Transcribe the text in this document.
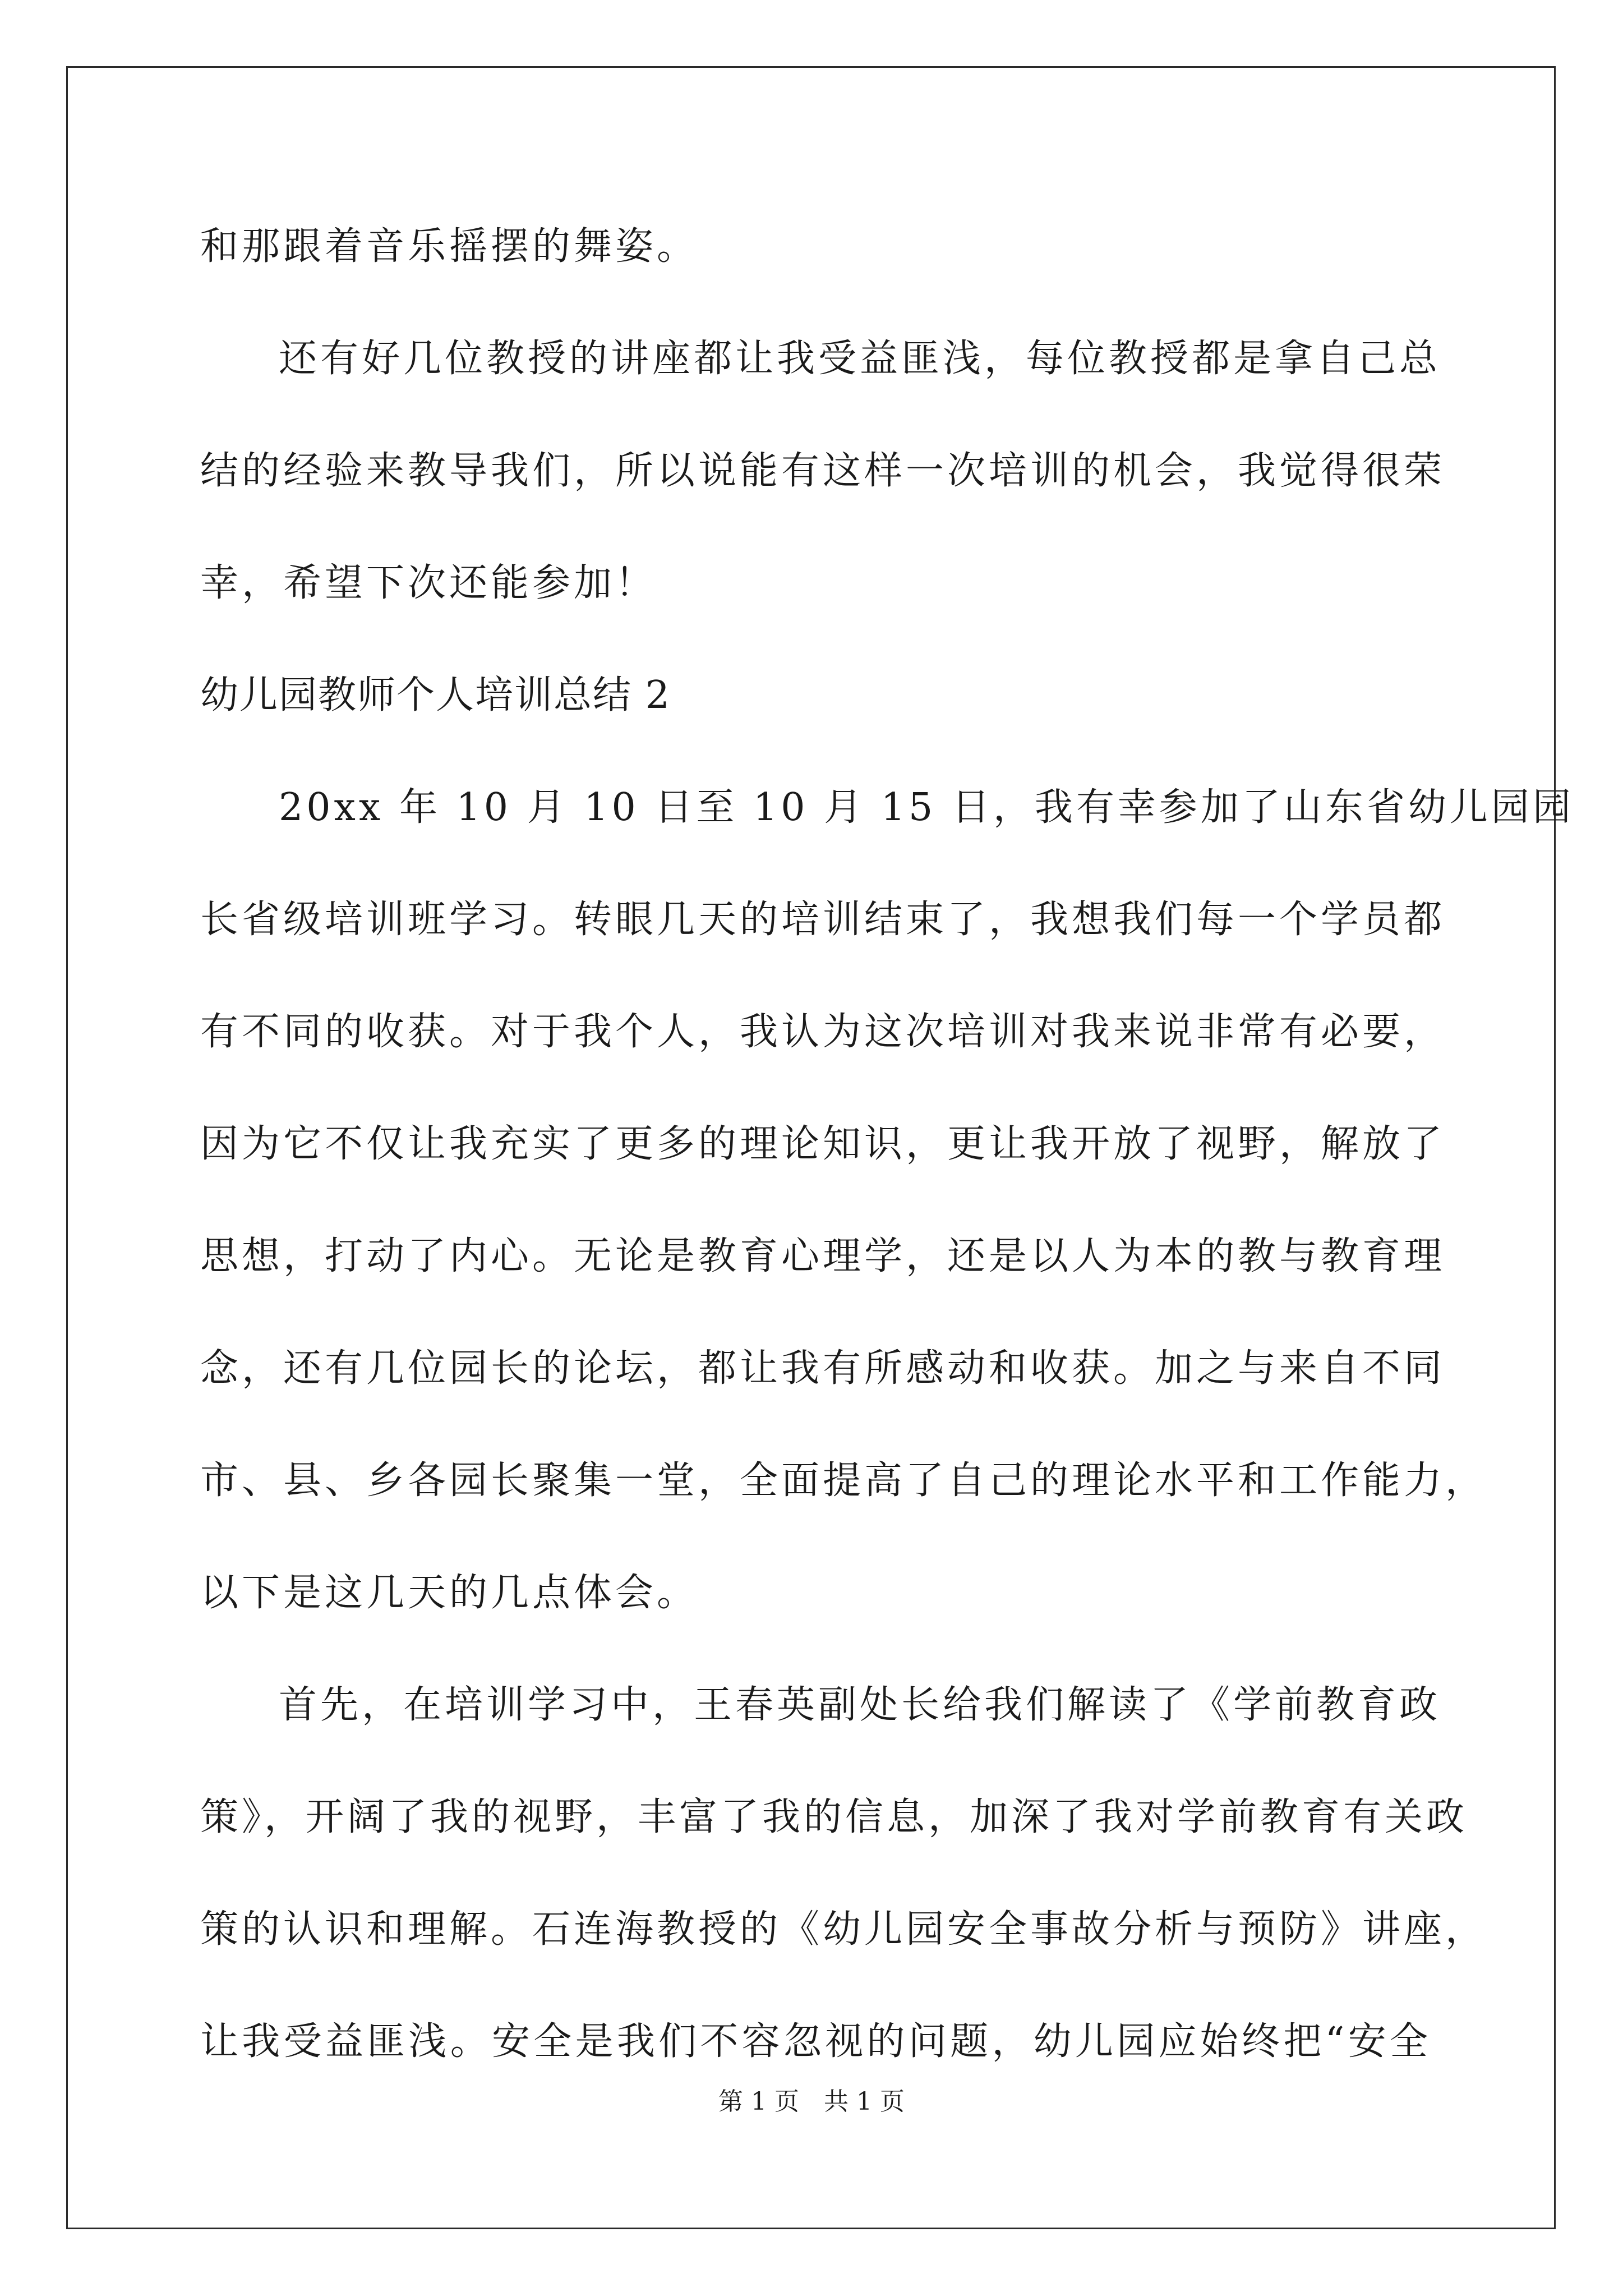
和那跟着音乐摇摆的舞姿。
还有好几位教授的讲座都让我受益匪浅，每位教授都是拿自己总
结的经验来教导我们，所以说能有这样一次培训的机会，我觉得很荣
幸，希望下次还能参加！
幼儿园教师个人培训总结 2
20xx 年 10 月 10 日至 10 月 15 日，我有幸参加了山东省幼儿园园
长省级培训班学习。转眼几天的培训结束了，我想我们每一个学员都
有不同的收获。对于我个人，我认为这次培训对我来说非常有必要，
因为它不仅让我充实了更多的理论知识，更让我开放了视野，解放了
思想，打动了内心。无论是教育心理学，还是以人为本的教与教育理
念，还有几位园长的论坛，都让我有所感动和收获。加之与来自不同
市、县、乡各园长聚集一堂，全面提高了自己的理论水平和工作能力，
以下是这几天的几点体会。
首先，在培训学习中，王春英副处长给我们解读了《学前教育政
策》，开阔了我的视野，丰富了我的信息，加深了我对学前教育有关政
策的认识和理解。石连海教授的《幼儿园安全事故分析与预防》讲座，
让我受益匪浅。安全是我们不容忽视的问题，幼儿园应始终把“安全
第 1 页 共 1 页
